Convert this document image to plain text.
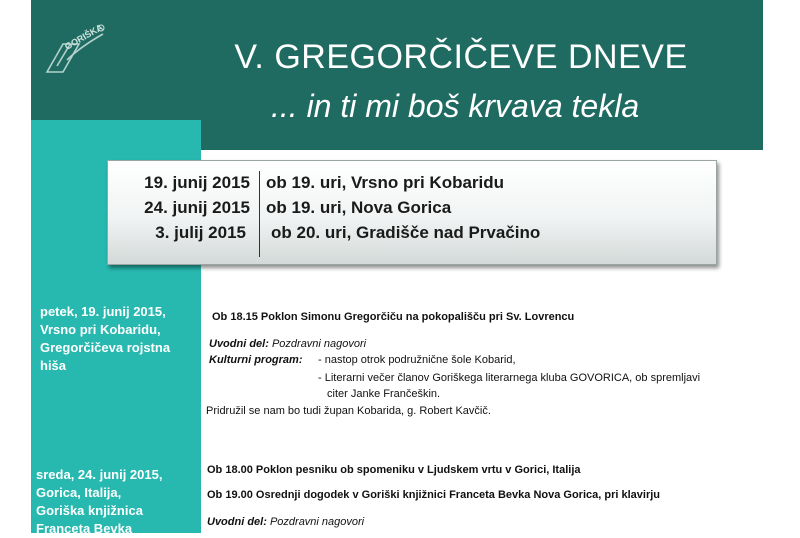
GORIŠKA
V. GREGORČIČEVE DNEVE
... in ti mi boš krvava tekla
19. junij 2015 ob 19. uri, Vrsno pri Kobaridu
24. junij 2015 ob 19. uri, Nova Gorica
3. julij 2015 ob 20. uri, Gradišče nad Prvačino
petek, 19. junij 2015,
Vrsno pri Kobaridu,
Gregorčičeva rojstna
hiša
sreda, 24. junij 2015,
Gorica, Italija,
Goriška knjižnica
Franceta Bevka
Ob 18.15 Poklon Simonu Gregorčiču na pokopališču pri Sv. Lovrencu
Uvodni del: Pozdravni nagovori
Kulturni program: - nastop otrok podružnične šole Kobarid,
- Literarni večer članov Goriškega literarnega kluba GOVORICA, ob spremljavi
citer Janke Frančeškin.
Pridružil se nam bo tudi župan Kobarida, g. Robert Kavčič.
Ob 18.00 Poklon pesniku ob spomeniku v Ljudskem vrtu v Gorici, Italija
Ob 19.00 Osrednji dogodek v Goriški knjižnici Franceta Bevka Nova Gorica, pri klavirju
Uvodni del: Pozdravni nagovori
